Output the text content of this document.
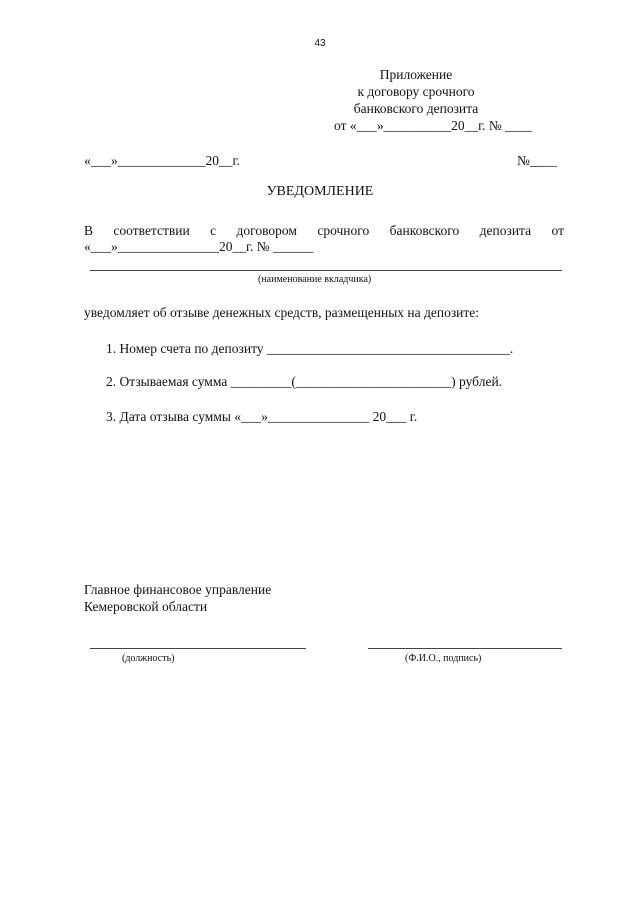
43
Приложение
к договору срочного
банковского депозита
от «___»__________20__г. № ____
«___»_____________20__г.	№____
УВЕДОМЛЕНИЕ
В соответствии с договором срочного банковского депозита от
«___»_______________20__г. № ______
(наименование вкладчика)
уведомляет об отзыве денежных средств, размещенных на депозите:
1. Номер счета по депозиту ____________________________________.
2. Отзываемая сумма _________(_______________________) рублей.
3. Дата отзыва суммы «___»_______________ 20___ г.
Главное финансовое управление
Кемеровской области
(должность)	(Ф.И.О., подпись)
